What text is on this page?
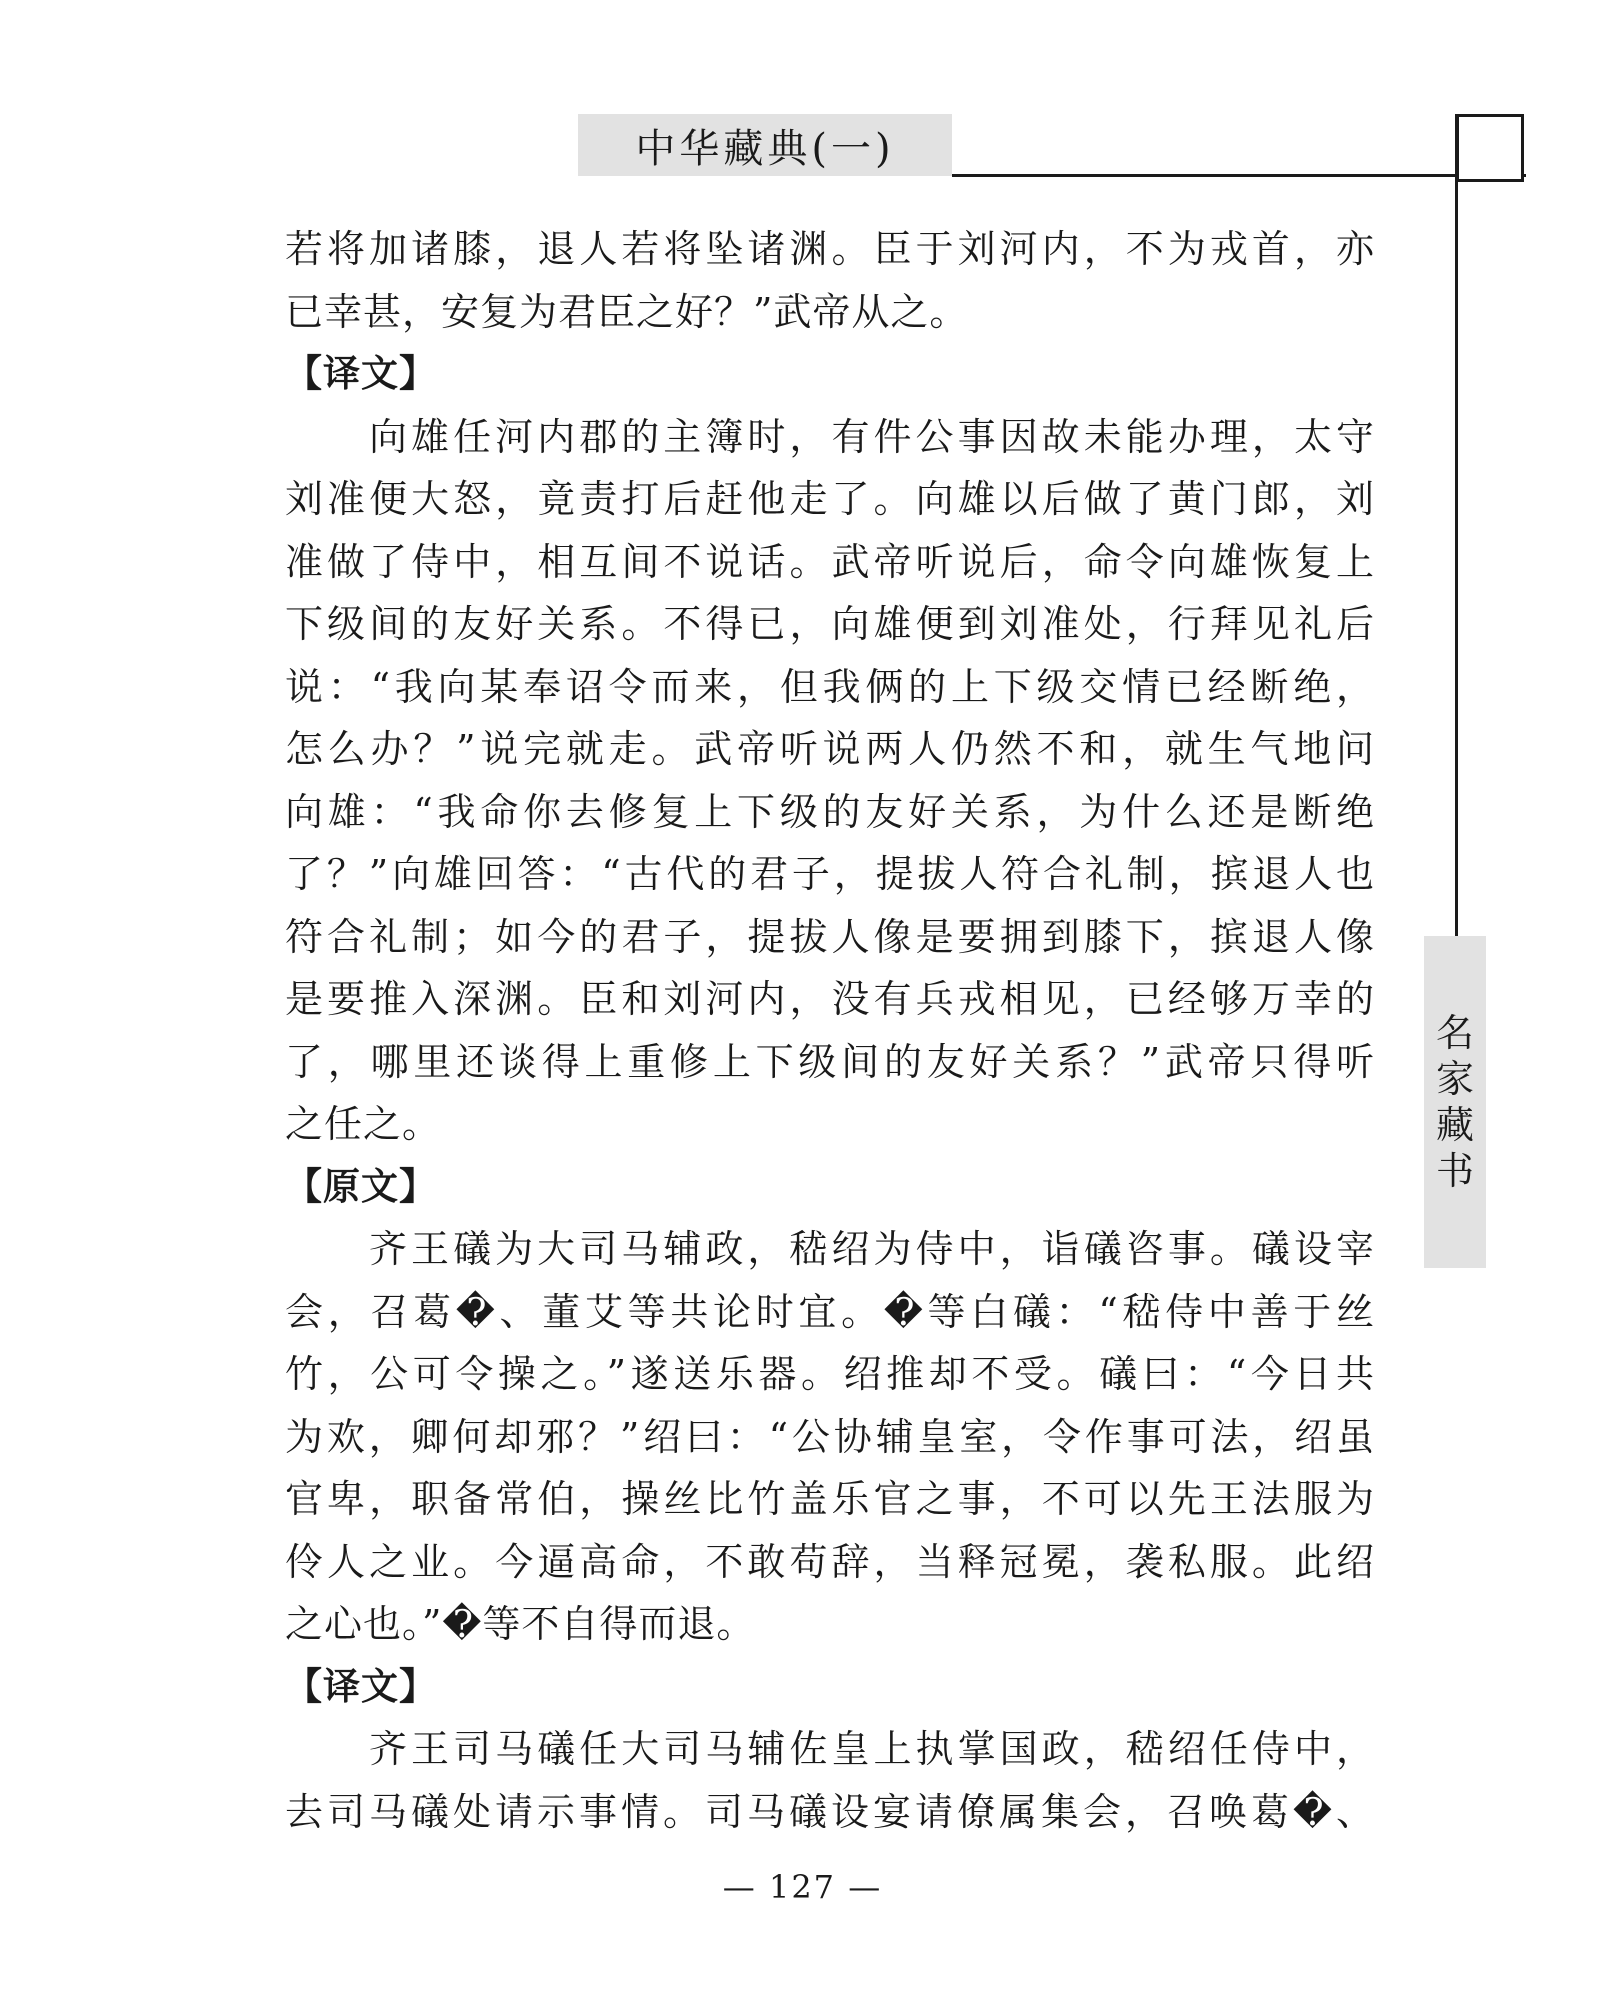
中华藏典(一)
名
家
藏
书
若将加诸膝，退人若将坠诸渊。臣于刘河内，不为戎首，亦
已幸甚，安复为君臣之好？”武帝从之。
【译文】
向雄任河内郡的主簿时，有件公事因故未能办理，太守
刘准便大怒，竟责打后赶他走了。向雄以后做了黄门郎，刘
准做了侍中，相互间不说话。武帝听说后，命令向雄恢复上
下级间的友好关系。不得已，向雄便到刘准处，行拜见礼后
说：“我向某奉诏令而来，但我俩的上下级交情已经断绝，
怎么办？”说完就走。武帝听说两人仍然不和，就生气地问
向雄：“我命你去修复上下级的友好关系，为什么还是断绝
了？”向雄回答：“古代的君子，提拔人符合礼制，摈退人也
符合礼制；如今的君子，提拔人像是要拥到膝下，摈退人像
是要推入深渊。臣和刘河内，没有兵戎相见，已经够万幸的
了，哪里还谈得上重修上下级间的友好关系？”武帝只得听
之任之。
【原文】
齐王礒为大司马辅政，嵇绍为侍中，诣礒咨事。礒设宰
会，召葛�、董艾等共论时宜。�等白礒：“嵇侍中善于丝
竹，公可令操之。”遂送乐器。绍推却不受。礒曰：“今日共
为欢，卿何却邪？”绍曰：“公协辅皇室，令作事可法，绍虽
官卑，职备常伯，操丝比竹盖乐官之事，不可以先王法服为
伶人之业。今逼高命，不敢苟辞，当释冠冕，袭私服。此绍
之心也。”�等不自得而退。
【译文】
齐王司马礒任大司马辅佐皇上执掌国政，嵇绍任侍中，
去司马礒处请示事情。司马礒设宴请僚属集会，召唤葛�、
— 127 —
